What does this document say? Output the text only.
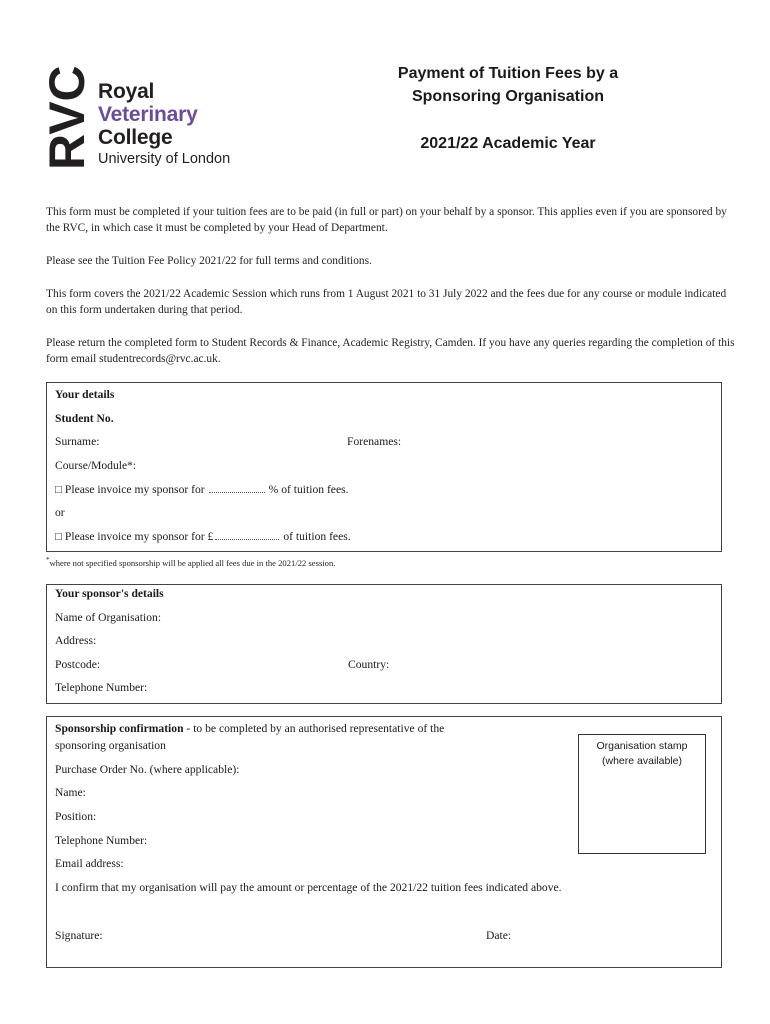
RVC Royal
Veterinary
College
University of London
Payment of Tuition Fees by a
Sponsoring Organisation
2021/22 Academic Year
This form must be completed if your tuition fees are to be paid (in full or part) on your behalf by a sponsor. This applies even if you are sponsored by the RVC, in which case it must be completed by your Head of Department.
Please see the Tuition Fee Policy 2021/22 for full terms and conditions.
This form covers the 2021/22 Academic Session which runs from 1 August 2021 to 31 July 2022 and the fees due for any course or module indicated on this form undertaken during that period.
Please return the completed form to Student Records & Finance, Academic Registry, Camden. If you have any queries regarding the completion of this form email studentrecords@rvc.ac.uk.
Your details
Student No.
Surname:	Forenames:
Course/Module*:
□ Please invoice my sponsor for	% of tuition fees.
or
□ Please invoice my sponsor for £	of tuition fees.
*where not specified sponsorship will be applied all fees due in the 2021/22 session.
Your sponsor's details
Name of Organisation:
Address:
Postcode:	Country:
Telephone Number:
Sponsorship confirmation - to be completed by an authorised representative of the
sponsoring organisation
Purchase Order No. (where applicable):
Name:
Position:
Telephone Number:
Email address:
I confirm that my organisation will pay the amount or percentage of the 2021/22 tuition fees indicated above.
Signature:	Date:
Organisation stamp
(where available)
